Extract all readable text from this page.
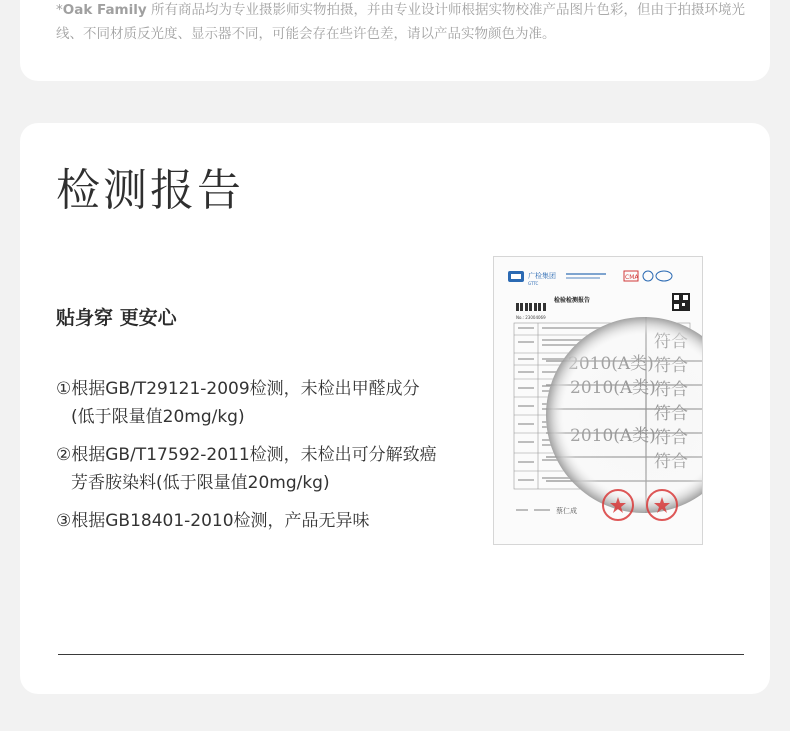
*Oak Family 所有商品均为专业摄影师实物拍摄，并由专业设计师根据实物校准产品图片色彩，但由于拍摄环境光线、不同材质反光度、显示器不同，可能会存在些许色差，请以产品实物颜色为准。
检测报告
贴身穿 更安心
①根据GB/T29121-2009检测，未检出甲醛成分
(低于限量值20mg/kg)
②根据GB/T17592-2011检测，未检出可分解致癌
芳香胺染料(低于限量值20mg/kg)
③根据GB18401-2010检测，产品无异味
广检集团
GTTC
CMA
检验检测报告
No.: 23004069
蔡仁成
